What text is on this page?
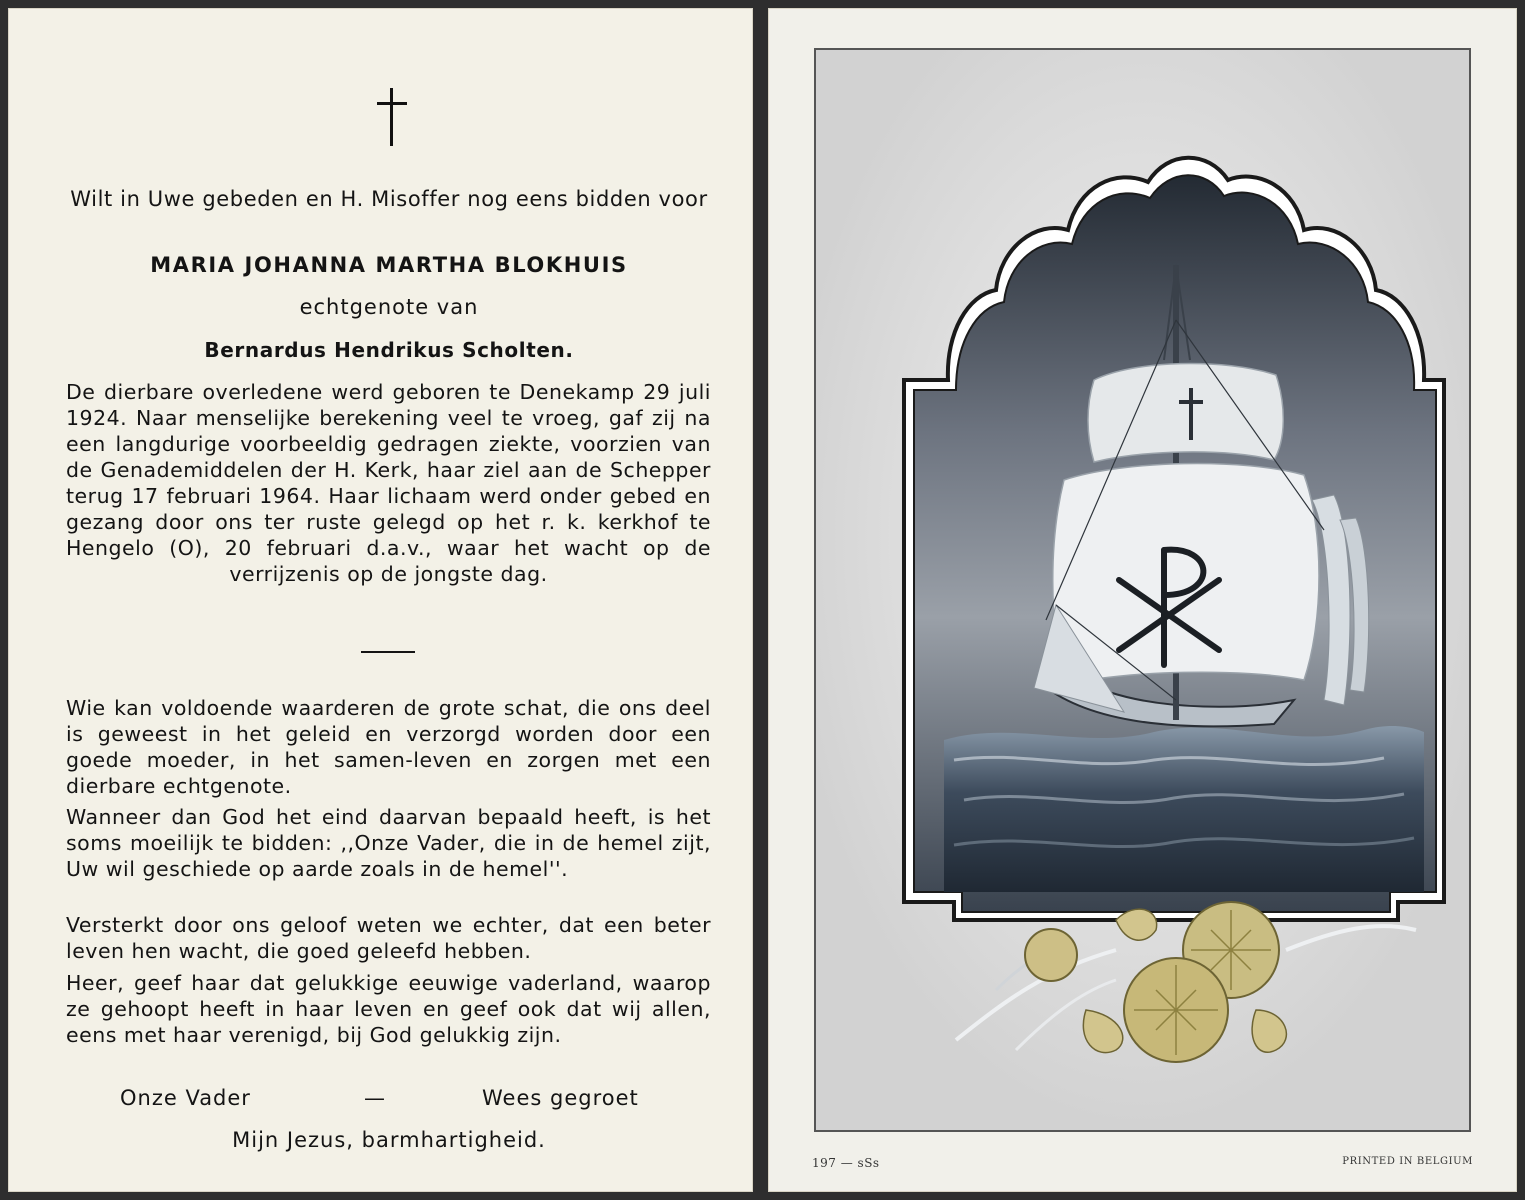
Wilt in Uwe gebeden en H. Misoffer nog eens bidden voor
MARIA JOHANNA MARTHA BLOKHUIS
echtgenote van
Bernardus Hendrikus Scholten.

De dierbare overledene werd geboren te Denekamp 29 juli 1924. Naar menselijke berekening veel te vroeg, gaf zij na een langdurige voorbeeldig gedragen ziekte, voorzien van de Genademiddelen der H. Kerk, haar ziel aan de Schepper terug 17 februari 1964. Haar lichaam werd onder gebed en gezang door ons ter ruste gelegd op het r. k. kerkhof te Hengelo (O), 20 februari d.a.v., waar het wacht op de verrijzenis op de jongste dag.

Wie kan voldoende waarderen de grote schat, die ons deel is geweest in het geleid en verzorgd worden door een goede moeder, in het samen-leven en zorgen met een dierbare echtgenote.

Wanneer dan God het eind daarvan bepaald heeft, is het soms moeilijk te bidden: ,,Onze Vader, die in de hemel zijt, Uw wil geschiede op aarde zoals in de hemel''.

Versterkt door ons geloof weten we echter, dat een beter leven hen wacht, die goed geleefd hebben.

Heer, geef haar dat gelukkige eeuwige vaderland, waarop ze gehoopt heeft in haar leven en geef ook dat wij allen, eens met haar verenigd, bij God gelukkig zijn.

Onze Vader	—	Wees gegroet
Mijn Jezus, barmhartigheid.
197 — sSs	PRINTED IN BELGIUM
